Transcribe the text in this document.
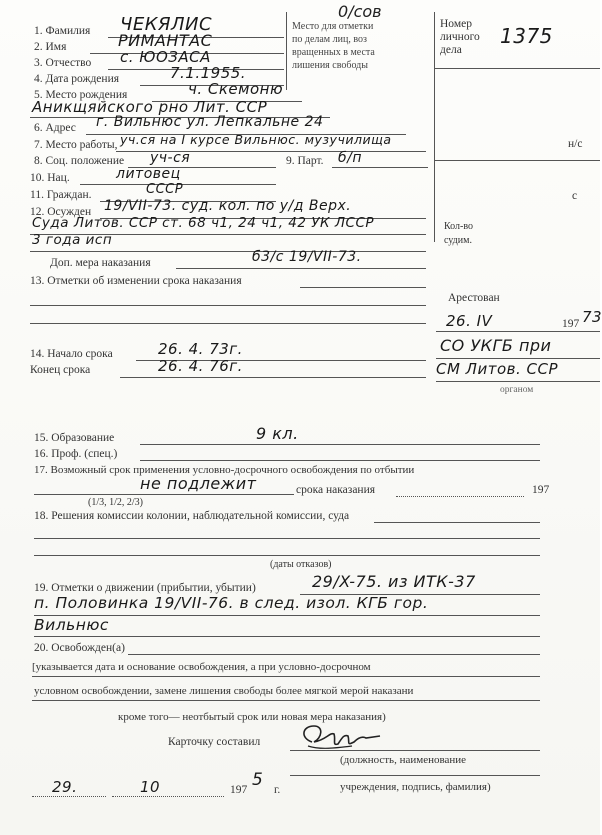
Место для отметки
по делам лиц, воз
вращенных в места
лишения свободы
0/сов
Номер
личного
дела
1375
н/с
с
Кол-во
судим.
1. Фамилия ЧЕКЯЛИС
2. Имя	РИМАНТАС
3. Отчество с. ЮОЗАСА
4. Дата рождения	7.1.1955.
5. Место рождения	ч. Скемоню
Аникщяйского рно Лит. ССР
6. Адрес г. Вильнюс ул. Лепкальне 24
7. Место работы, уч.ся на I курсе Вильнюс. музучилища
8. Соц. положение уч-ся	9. Парт. б/п
10. Нац.	литовец
11. Граждан.	СССР
12. Осужден 19/VII-73. суд. кол. по у/д Верх.
Суда Литов. ССР ст. 68 ч1, 24 ч1, 42 УК ЛССР
3 года исп
Доп. мера наказания	б3/с 19/VII-73.
13. Отметки об изменении срока наказания
Арестован
26. IV	197 73
СО УКГБ при
СМ Литов. ССР
органом
14. Начало срока	26. 4. 73г.
Конец срока	26. 4. 76г.
15. Образование	9 кл.
16. Проф. (спец.)
17. Возможный срок применения условно-досрочного освобождения по отбытии
не подлежит
(1/3, 1/2, 2/3)
срока наказания	197
18. Решения комиссии колонии, наблюдательной комиссии, суда
(даты отказов)
19. Отметки о движении (прибытии, убытии)	29/X-75. из ИТК-37
п. Половинка 19/VII-76. в след. изол. КГБ гор.
Вильнюс
20. Освобожден(а)
[указывается дата и основание освобождения, а при условно-досрочном
условном освобождении, замене лишения свободы более мягкой мерой наказани
кроме того— неотбытый срок или новая мера наказания)
Карточку составил
(должность, наименование
учреждения, подпись, фамилия)
29.	10	197 5 г.
